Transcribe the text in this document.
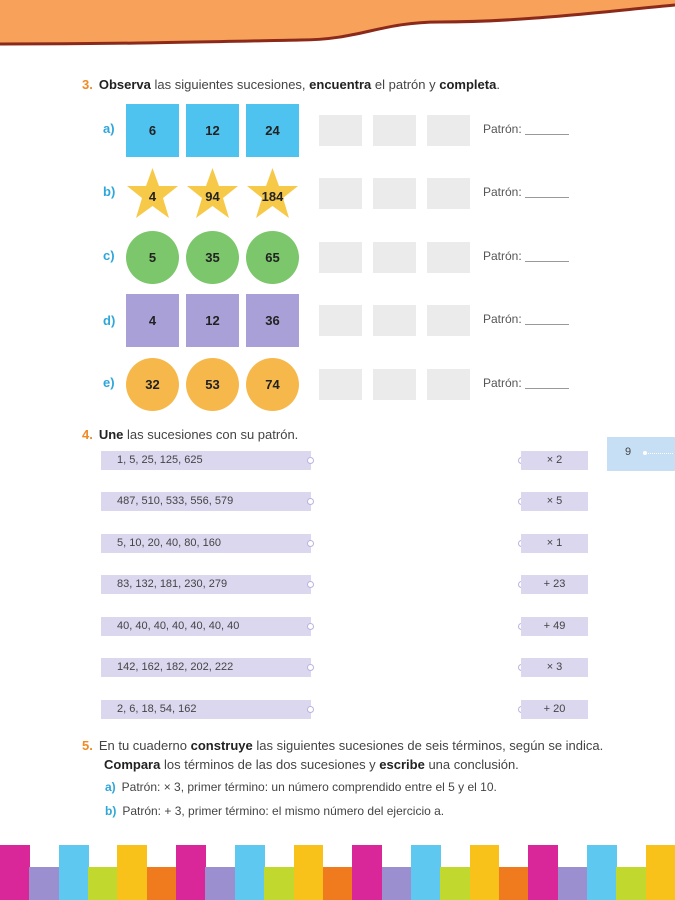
3. Observa las siguientes sucesiones, encuentra el patrón y completa.
a)	6	12	24	Patrón:
b)	4	94	184	Patrón:
c)	5	35	65	Patrón:
d)	4	12	36	Patrón:
e)	32	53	74	Patrón:
4. Une las sucesiones con su patrón.
9
1, 5, 25, 125, 625
487, 510, 533, 556, 579
5, 10, 20, 40, 80, 160
83, 132, 181, 230, 279
40, 40, 40, 40, 40, 40, 40
142, 162, 182, 202, 222
2, 6, 18, 54, 162
× 2
× 5
× 1
+ 23
+ 49
× 3
+ 20
5. En tu cuaderno construye las siguientes sucesiones de seis términos, según se indica.
Compara los términos de las dos sucesiones y escribe una conclusión.
a) Patrón: × 3, primer término: un número comprendido entre el 5 y el 10.
b) Patrón: + 3, primer término: el mismo número del ejercicio a.
